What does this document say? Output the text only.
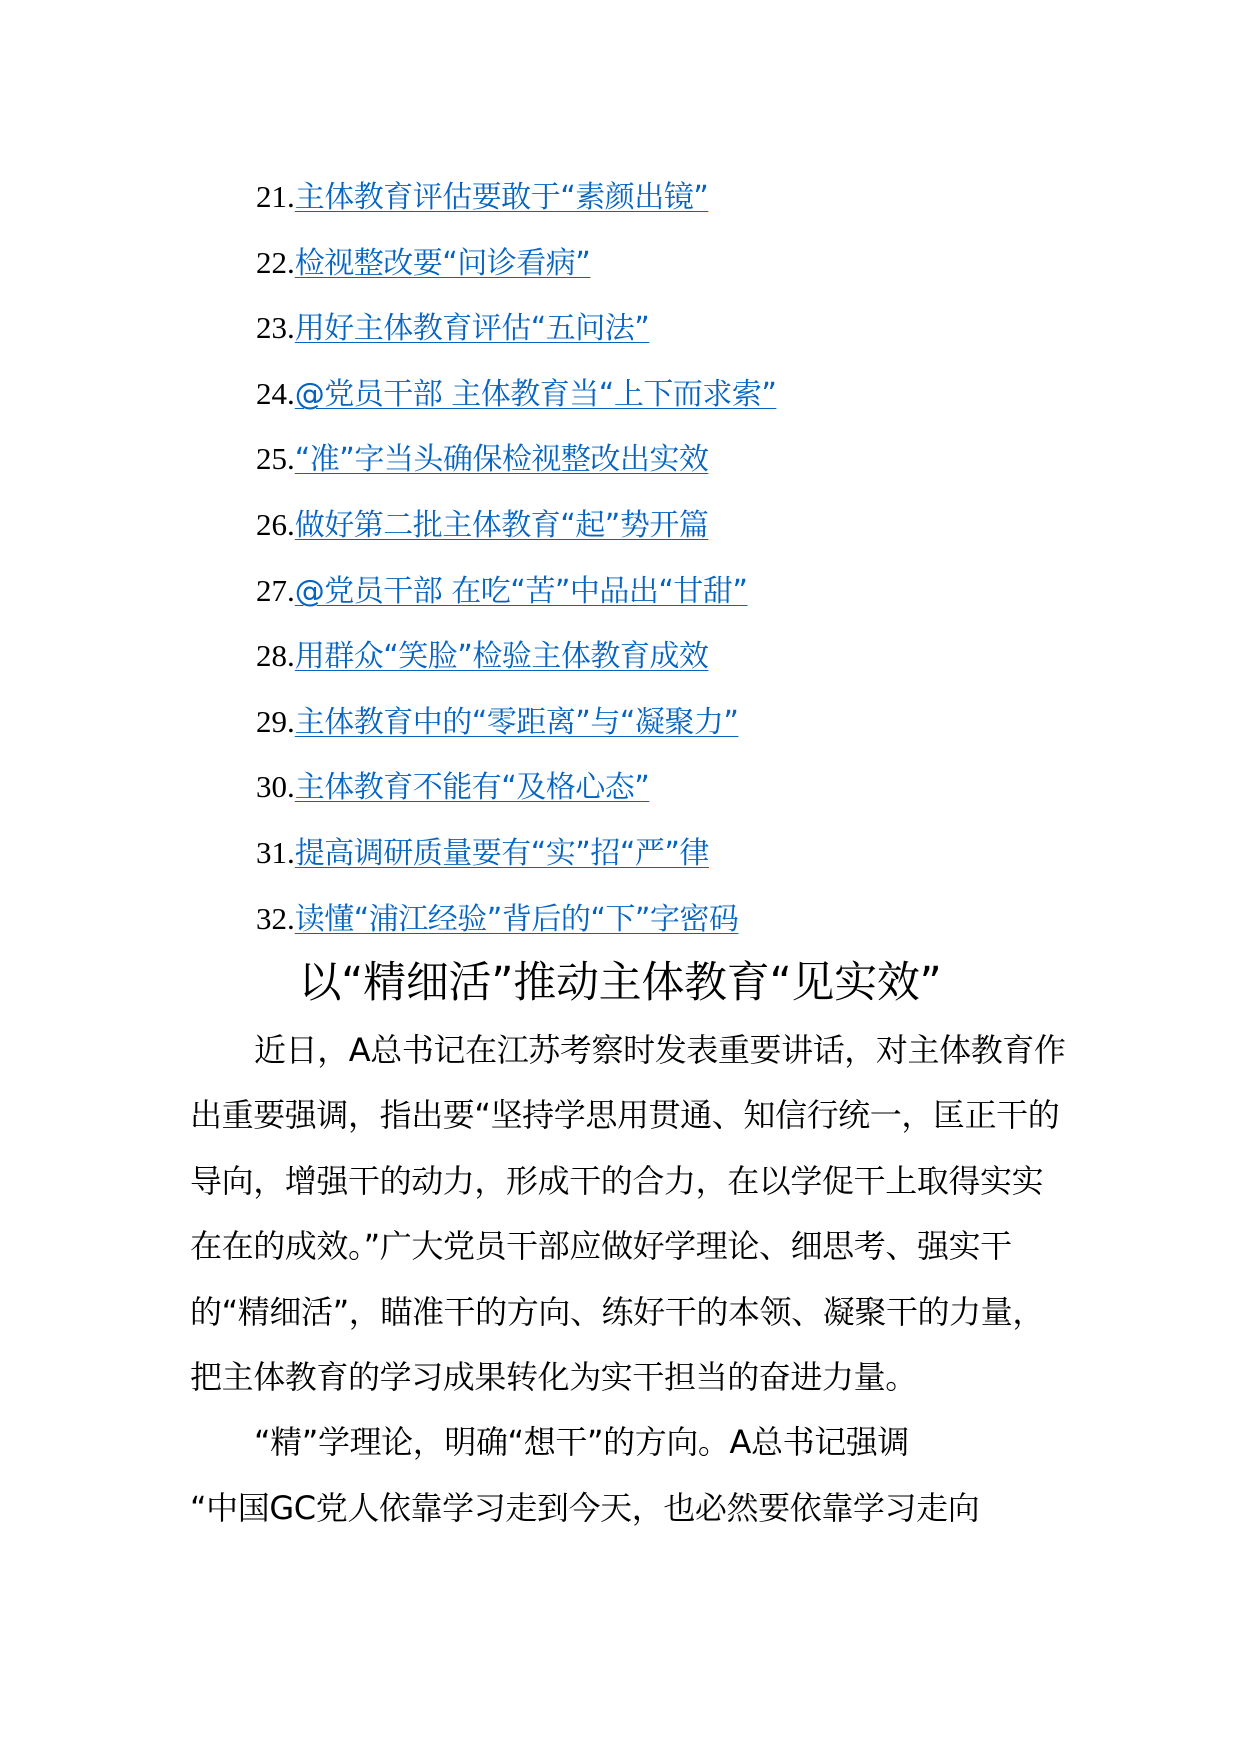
21.主体教育评估要敢于“素颜出镜”
22.检视整改要“问诊看病”
23.用好主体教育评估“五问法”
24.@党员干部 主体教育当“上下而求索”
25.“准”字当头确保检视整改出实效
26.做好第二批主体教育“起”势开篇
27.@党员干部 在吃“苦”中品出“甘甜”
28.用群众“笑脸”检验主体教育成效
29.主体教育中的“零距离”与“凝聚力”
30.主体教育不能有“及格心态”
31.提高调研质量要有“实”招“严”律
32.读懂“浦江经验”背后的“下”字密码
以“精细活”推动主体教育“见实效”

近日，A总书记在江苏考察时发表重要讲话，对主体教育作出重要强调，指出要“坚持学思用贯通、知信行统一，匡正干的导向，增强干的动力，形成干的合力，在以学促干上取得实实在在的成效。”广大党员干部应做好学理论、细思考、强实干的“精细活”，瞄准干的方向、练好干的本领、凝聚干的力量，把主体教育的学习成果转化为实干担当的奋进力量。

“精”学理论，明确“想干”的方向。A总书记强调

“中国GC党人依靠学习走到今天，也必然要依靠学习走向
